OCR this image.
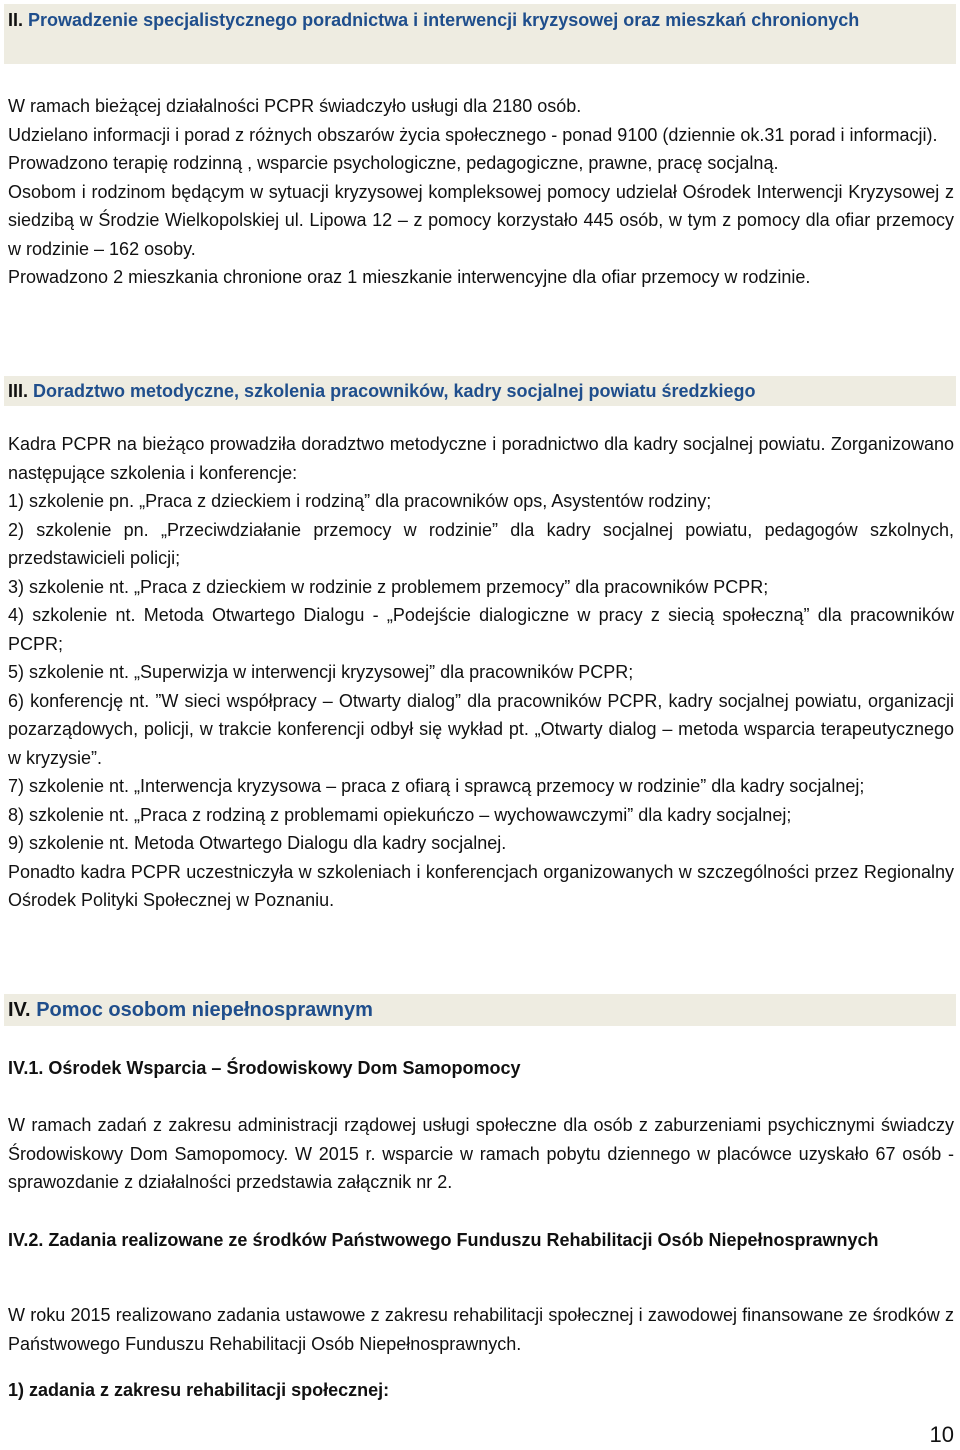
II. Prowadzenie specjalistycznego poradnictwa i interwencji kryzysowej oraz mieszkań chronionych
W ramach bieżącej działalności PCPR świadczyło usługi dla 2180 osób.
Udzielano informacji i porad z różnych obszarów życia społecznego - ponad 9100 (dziennie ok.31 porad i informacji).
Prowadzono terapię rodzinną , wsparcie psychologiczne, pedagogiczne, prawne, pracę socjalną.
Osobom i rodzinom będącym w sytuacji kryzysowej kompleksowej pomocy udzielał Ośrodek Interwencji Kryzysowej z siedzibą w Środzie Wielkopolskiej ul. Lipowa 12 – z pomocy korzystało 445 osób, w tym z pomocy dla ofiar przemocy w rodzinie – 162 osoby.
Prowadzono 2 mieszkania chronione oraz 1 mieszkanie interwencyjne dla ofiar przemocy w rodzinie.
III. Doradztwo metodyczne, szkolenia pracowników, kadry socjalnej powiatu średzkiego
Kadra PCPR na bieżąco prowadziła doradztwo metodyczne i poradnictwo dla kadry socjalnej powiatu. Zorganizowano następujące szkolenia i konferencje:
1) szkolenie pn. „Praca z dzieckiem i rodziną” dla pracowników ops, Asystentów rodziny;
2) szkolenie pn. „Przeciwdziałanie przemocy w rodzinie” dla kadry socjalnej powiatu, pedagogów szkolnych, przedstawicieli policji;
3) szkolenie nt. „Praca z dzieckiem w rodzinie z problemem przemocy” dla pracowników PCPR;
4) szkolenie nt. Metoda Otwartego Dialogu - „Podejście dialogiczne w pracy z siecią społeczną” dla pracowników PCPR;
5) szkolenie nt. „Superwizja w interwencji kryzysowej” dla pracowników PCPR;
6) konferencję nt. ”W sieci współpracy – Otwarty dialog” dla pracowników PCPR, kadry socjalnej powiatu, organizacji pozarządowych, policji, w trakcie konferencji odbył się wykład pt. „Otwarty dialog – metoda wsparcia terapeutycznego w kryzysie”.
7) szkolenie nt. „Interwencja kryzysowa – praca z ofiarą i sprawcą przemocy w rodzinie” dla kadry socjalnej;
8) szkolenie nt. „Praca z rodziną z problemami opiekuńczo – wychowawczymi” dla kadry socjalnej;
9) szkolenie nt. Metoda Otwartego Dialogu dla kadry socjalnej.
Ponadto kadra PCPR uczestniczyła w szkoleniach i konferencjach organizowanych w szczególności przez Regionalny Ośrodek Polityki Społecznej w Poznaniu.
IV. Pomoc osobom niepełnosprawnym
IV.1. Ośrodek Wsparcia – Środowiskowy Dom Samopomocy
W ramach zadań z zakresu administracji rządowej usługi społeczne dla osób z zaburzeniami psychicznymi świadczy Środowiskowy Dom Samopomocy. W 2015 r. wsparcie w ramach pobytu dziennego w placówce uzyskało 67 osób - sprawozdanie z działalności przedstawia załącznik nr 2.
IV.2. Zadania realizowane ze środków Państwowego Funduszu Rehabilitacji Osób Niepełnosprawnych
W roku 2015 realizowano zadania ustawowe z zakresu rehabilitacji społecznej i zawodowej finansowane ze środków z Państwowego Funduszu Rehabilitacji Osób Niepełnosprawnych.
1) zadania z zakresu rehabilitacji społecznej:
10
